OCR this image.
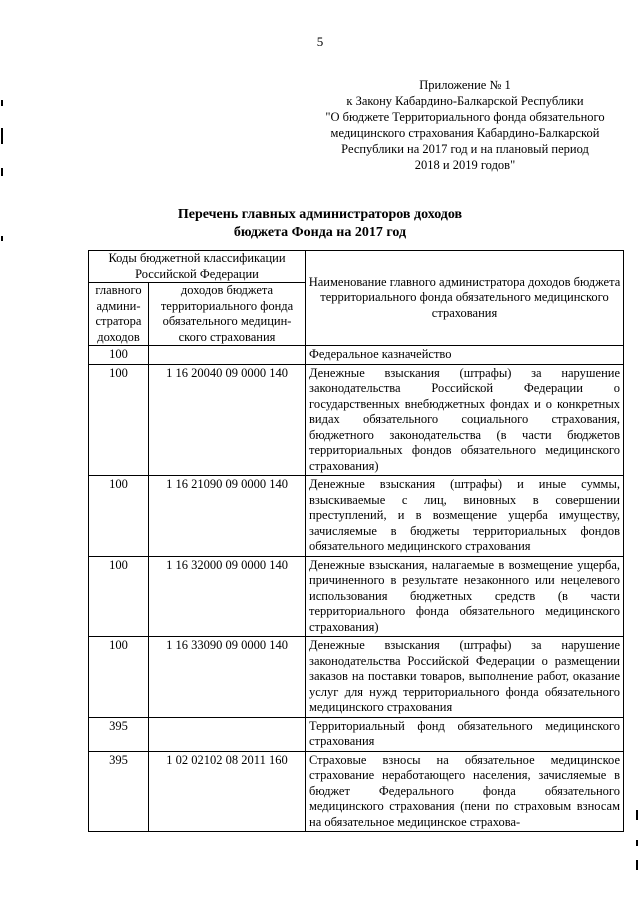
5
Приложение № 1
к Закону Кабардино-Балкарской Республики
"О бюджете Территориального фонда обязательного
медицинского страхования Кабардино-Балкарской
Республики на 2017 год и на плановый период
2018 и 2019 годов"
Перечень главных администраторов доходов
бюджета Фонда на 2017 год
Коды бюджетной классификации Российской Федерации		Наименование главного администратора доходов бюджета территориального фонда обязательного медицинского страхования
главного админи-стратора доходов	доходов бюджета территориального фонда обязательного медицин-ского страхования	
100		Федеральное казначейство
100	1 16 20040 09 0000 140	Денежные взыскания (штрафы) за нарушение законодательства Российской Федерации о государственных внебюджетных фондах и о конкретных видах обязательного социального страхования, бюджетного законодательства (в части бюджетов территориальных фондов обязательного медицинского страхования)
100	1 16 21090 09 0000 140	Денежные взыскания (штрафы) и иные суммы, взыскиваемые с лиц, виновных в совершении преступлений, и в возмещение ущерба имуществу, зачисляемые в бюджеты территориальных фондов обязательного медицинского страхования
100	1 16 32000 09 0000 140	Денежные взыскания, налагаемые в возмещение ущерба, причиненного в результате незаконного или нецелевого использования бюджетных средств (в части территориального фонда обязательного медицинского страхования)
100	1 16 33090 09 0000 140	Денежные взыскания (штрафы) за нарушение законодательства Российской Федерации о размещении заказов на поставки товаров, выполнение работ, оказание услуг для нужд территориального фонда обязательного медицинского страхования
395		Территориальный фонд обязательного медицинского страхования
395	1 02 02102 08 2011 160	Страховые взносы на обязательное медицинское страхование неработающего населения, зачисляемые в бюджет Федерального фонда обязательного медицинского страхования (пени по страховым взносам на обязательное медицинское страхова-
